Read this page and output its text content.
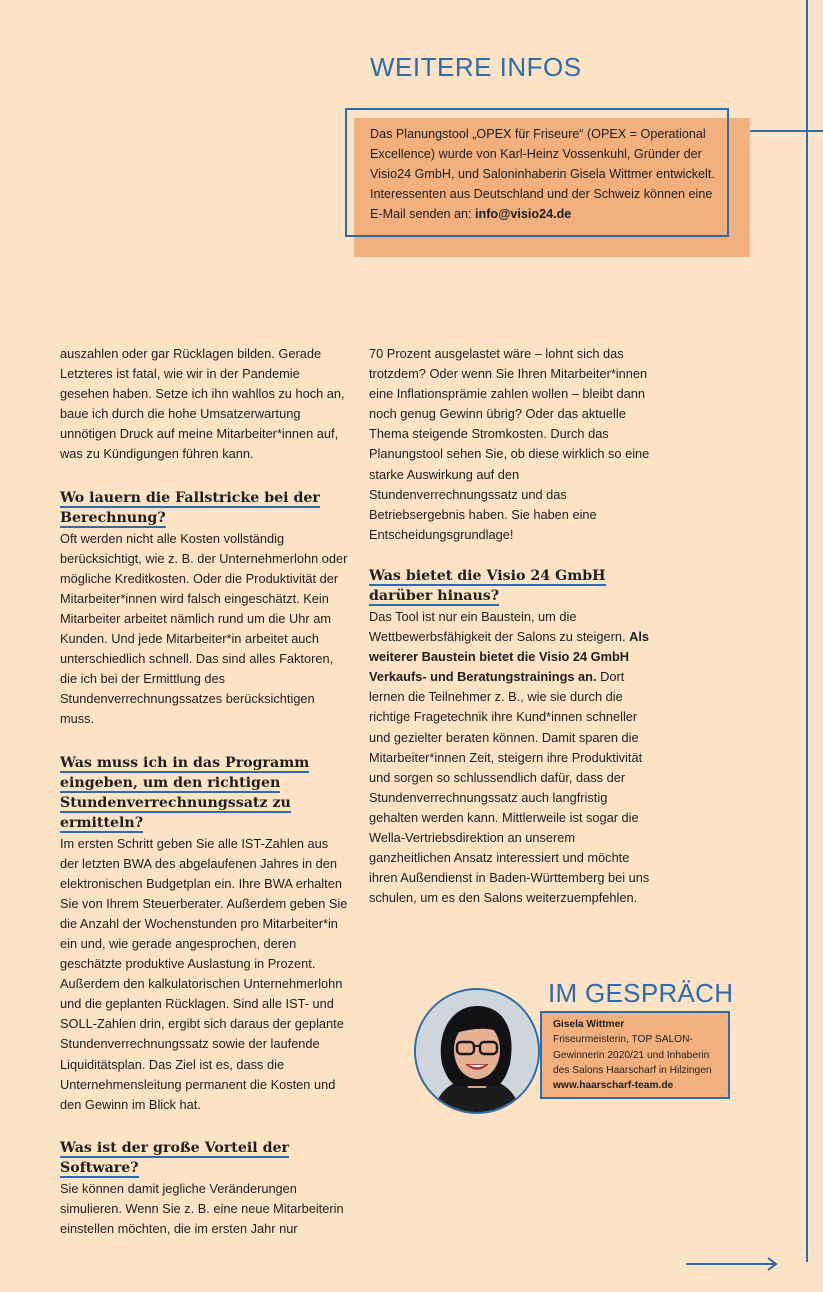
WEITERE INFOS

Das Planungstool „OPEX für Friseure“ (OPEX = Operational Excellence) wurde von Karl-Heinz Vossenkuhl, Gründer der Visio24 GmbH, und Saloninhaberin Gisela Wittmer entwickelt. Interessenten aus Deutschland und der Schweiz können eine E-Mail senden an: info@visio24.de

auszahlen oder gar Rücklagen bilden. Gerade Letzteres ist fatal, wie wir in der Pandemie gesehen haben. Setze ich ihn wahllos zu hoch an, baue ich durch die hohe Umsatzerwartung unnötigen Druck auf meine Mitarbeiter*innen auf, was zu Kündigungen führen kann.

Wo lauern die Fallstricke bei der Berechnung?

Oft werden nicht alle Kosten vollständig berücksichtigt, wie z. B. der Unternehmerlohn oder mögliche Kreditkosten. Oder die Produktivität der Mitarbeiter*innen wird falsch eingeschätzt. Kein Mitarbeiter arbeitet nämlich rund um die Uhr am Kunden. Und jede Mitarbeiter*in arbeitet auch unterschiedlich schnell. Das sind alles Faktoren, die ich bei der Ermittlung des Stundenverrechnungssatzes berücksichtigen muss.

Was muss ich in das Programm eingeben, um den richtigen Stundenverrechnungssatz zu ermitteln?

Im ersten Schritt geben Sie alle IST-Zahlen aus der letzten BWA des abgelaufenen Jahres in den elektronischen Budgetplan ein. Ihre BWA erhalten Sie von Ihrem Steuerberater. Außerdem geben Sie die Anzahl der Wochenstunden pro Mitarbeiter*in ein und, wie gerade angesprochen, deren geschätzte produktive Auslastung in Prozent. Außerdem den kalkulatorischen Unternehmerlohn und die geplanten Rücklagen. Sind alle IST- und SOLL-Zahlen drin, ergibt sich daraus der geplante Stundenverrechnungssatz sowie der laufende Liquiditätsplan. Das Ziel ist es, dass die Unternehmensleitung permanent die Kosten und den Gewinn im Blick hat.

Was ist der große Vorteil der Software?

Sie können damit jegliche Veränderungen simulieren. Wenn Sie z. B. eine neue Mitarbeiterin einstellen möchten, die im ersten Jahr nur

70 Prozent ausgelastet wäre – lohnt sich das trotzdem? Oder wenn Sie Ihren Mitarbeiter*innen eine Inflationsprämie zahlen wollen – bleibt dann noch genug Gewinn übrig? Oder das aktuelle Thema steigende Stromkosten. Durch das Planungstool sehen Sie, ob diese wirklich so eine starke Auswirkung auf den Stundenverrechnungssatz und das Betriebsergebnis haben. Sie haben eine Entscheidungsgrundlage!

Was bietet die Visio 24 GmbH darüber hinaus?

Das Tool ist nur ein Baustein, um die Wettbewerbsfähigkeit der Salons zu steigern. Als weiterer Baustein bietet die Visio 24 GmbH Verkaufs- und Beratungstrainings an. Dort lernen die Teilnehmer z. B., wie sie durch die richtige Fragetechnik ihre Kund*innen schneller und gezielter beraten können. Damit sparen die Mitarbeiter*innen Zeit, steigern ihre Produktivität und sorgen so schlussendlich dafür, dass der Stundenverrechnungssatz auch langfristig gehalten werden kann. Mittlerweile ist sogar die Wella-Vertriebsdirektion an unserem ganzheitlichen Ansatz interessiert und möchte ihren Außendienst in Baden-Württemberg bei uns schulen, um es den Salons weiterzuempfehlen.

IM GESPRÄCH
Gisela Wittmer
Friseurmeisterin, TOP SALON-Gewinnerin 2020/21 und Inhaberin des Salons Haarscharf in Hilzingen
www.haarscharf-team.de
